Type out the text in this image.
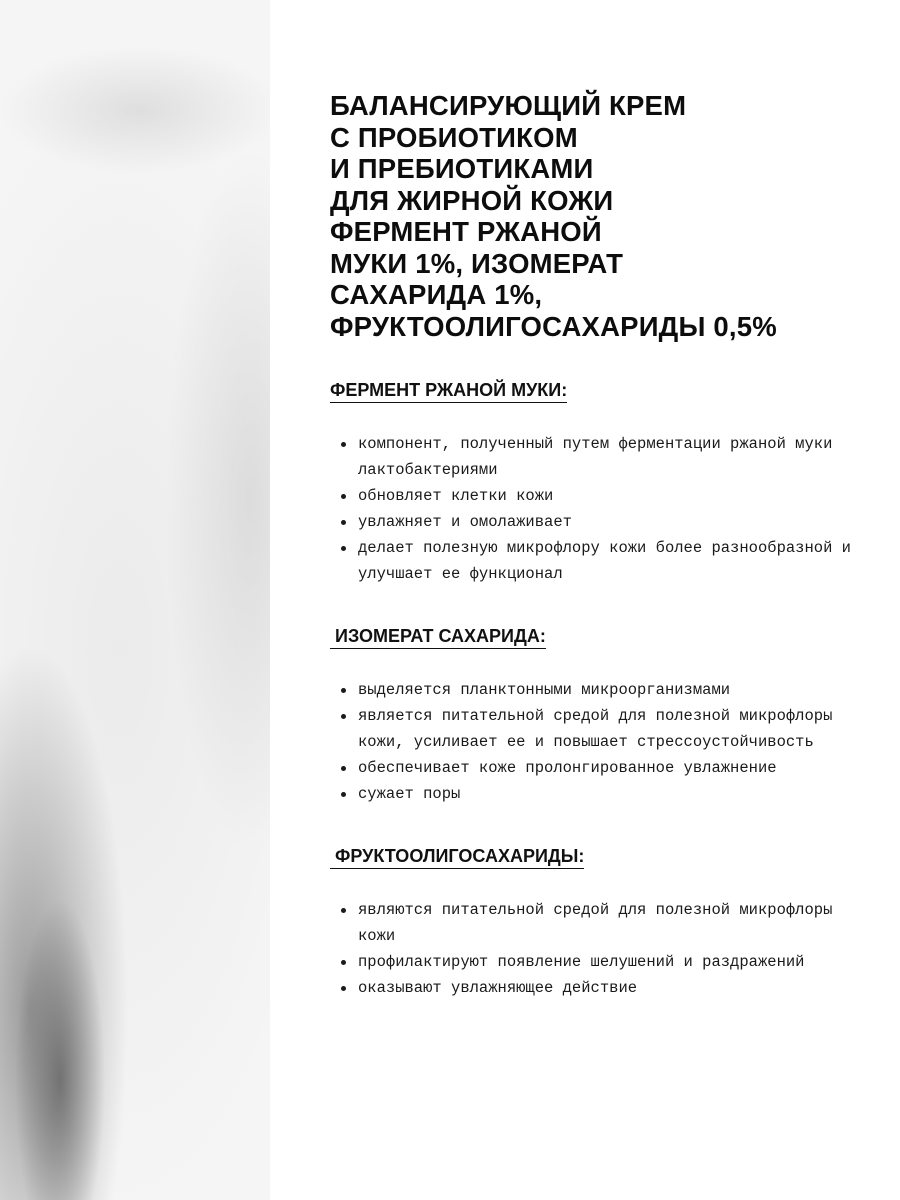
БАЛАНСИРУЮЩИЙ КРЕМ
С ПРОБИОТИКОМ
И ПРЕБИОТИКАМИ
ДЛЯ ЖИРНОЙ КОЖИ
ФЕРМЕНТ РЖАНОЙ
МУКИ 1%, ИЗОМЕРАТ
САХАРИДА 1%,
ФРУКТООЛИГОСАХАРИДЫ 0,5%
ФЕРМЕНТ РЖАНОЙ МУКИ:
компонент, полученный путем ферментации ржаной муки лактобактериями
обновляет клетки кожи
увлажняет и омолаживает
делает полезную микрофлору кожи более разнообразной и улучшает ее функционал
ИЗОМЕРАТ САХАРИДА:
выделяется планктонными микроорганизмами
является питательной средой для полезной микрофлоры кожи, усиливает ее и повышает стрессоустойчивость
обеспечивает коже пролонгированное увлажнение
сужает поры
ФРУКТООЛИГОСАХАРИДЫ:
являются питательной средой для полезной микрофлоры кожи
профилактируют появление шелушений и раздражений
оказывают увлажняющее действие
